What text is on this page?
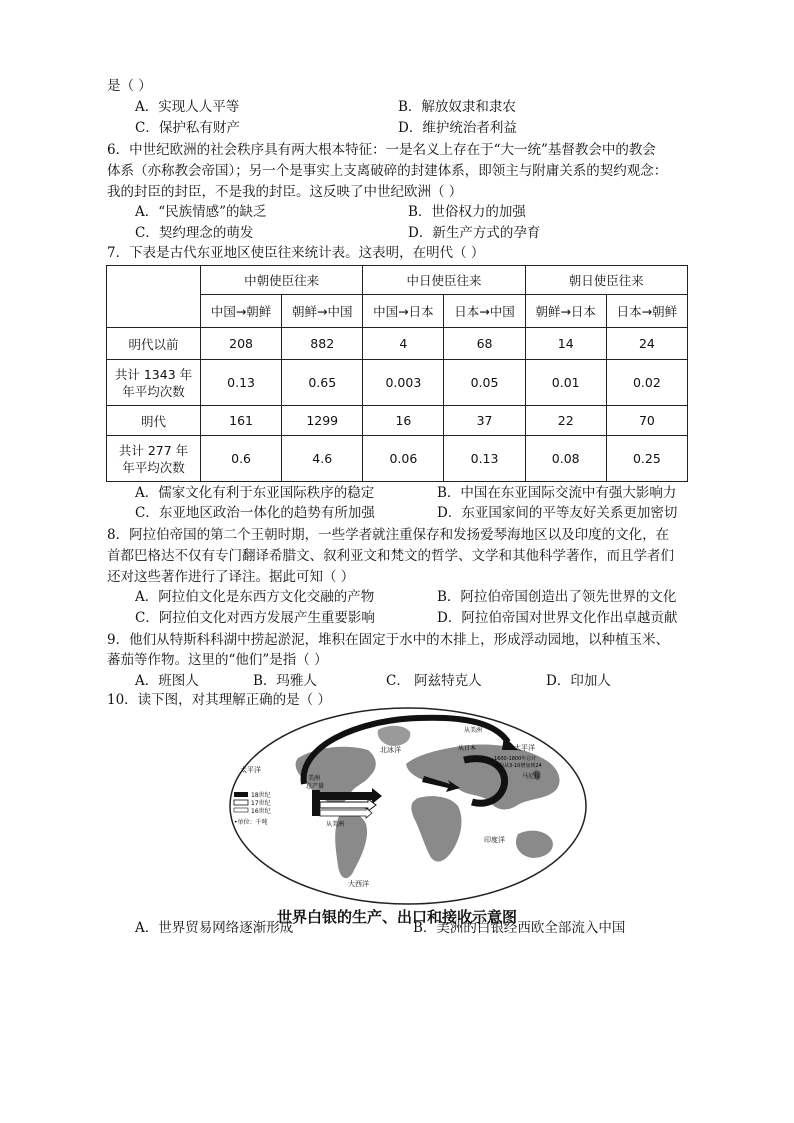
是（ ）
A．实现人人平等	B．解放奴隶和隶农
C．保护私有财产	D．维护统治者利益
6．中世纪欧洲的社会秩序具有两大根本特征：一是名义上存在于“大一统”基督教会中的教会
体系（亦称教会帝国）；另一个是事实上支离破碎的封建体系，即领主与附庸关系的契约观念：
我的封臣的封臣，不是我的封臣。这反映了中世纪欧洲（ ）
A．“民族情感”的缺乏	B．世俗权力的加强
C．契约理念的萌发	D．新生产方式的孕育
7．下表是古代东亚地区使臣往来统计表。这表明，在明代（ ）
	中朝使臣往来		中日使臣往来		朝日使臣往来	
	中国→朝鲜	朝鲜→中国	中国→日本	日本→中国	朝鲜→日本	日本→朝鲜
明代以前	208	882	4	68	14	24

共计 1343 年
年平均次数	0.13	0.65	0.003	0.05	0.01	0.02
明代	161	1299	16	37	22	70

共计 277 年
年平均次数	0.6	4.6	0.06	0.13	0.08	0.25
A．儒家文化有利于东亚国际秩序的稳定	B．中国在东亚国际交流中有强大影响力
C．东亚地区政治一体化的趋势有所加强	D．东亚国家间的平等友好关系更加密切
8．阿拉伯帝国的第二个王朝时期，一些学者就注重保存和发扬爱琴海地区以及印度的文化，在
首都巴格达不仅有专门翻译希腊文、叙利亚文和梵文的哲学、文学和其他科学著作，而且学者们
还对这些著作进行了译注。据此可知（ ）
A．阿拉伯文化是东西方文化交融的产物	B．阿拉伯帝国创造出了领先世界的文化
C．阿拉伯文化对西方发展产生重要影响	D．阿拉伯帝国对世界文化作出卓越贡献
9．他们从特斯科科湖中捞起淤泥，堆积在固定于水中的木排上，形成浮动园地，以种植玉米、
蕃茄等作物。这里的“他们”是指（ ）
A．班图人	B．玛雅人	C． 阿兹特克人	D．印加人
10．读下图，对其理解正确的是（ ）
18世纪
17世纪
16世纪
•单位：千吨
太平洋
太平洋
北冰洋
印度洋
大西洋
从美洲
从日本
从美洲
美洲
总产量
1600-1800年总计
大约从3-10增加到24
马尼拉
世界白银的生产、出口和接收示意图
A．世界贸易网络逐渐形成	B．美洲的白银经西欧全部流入中国
